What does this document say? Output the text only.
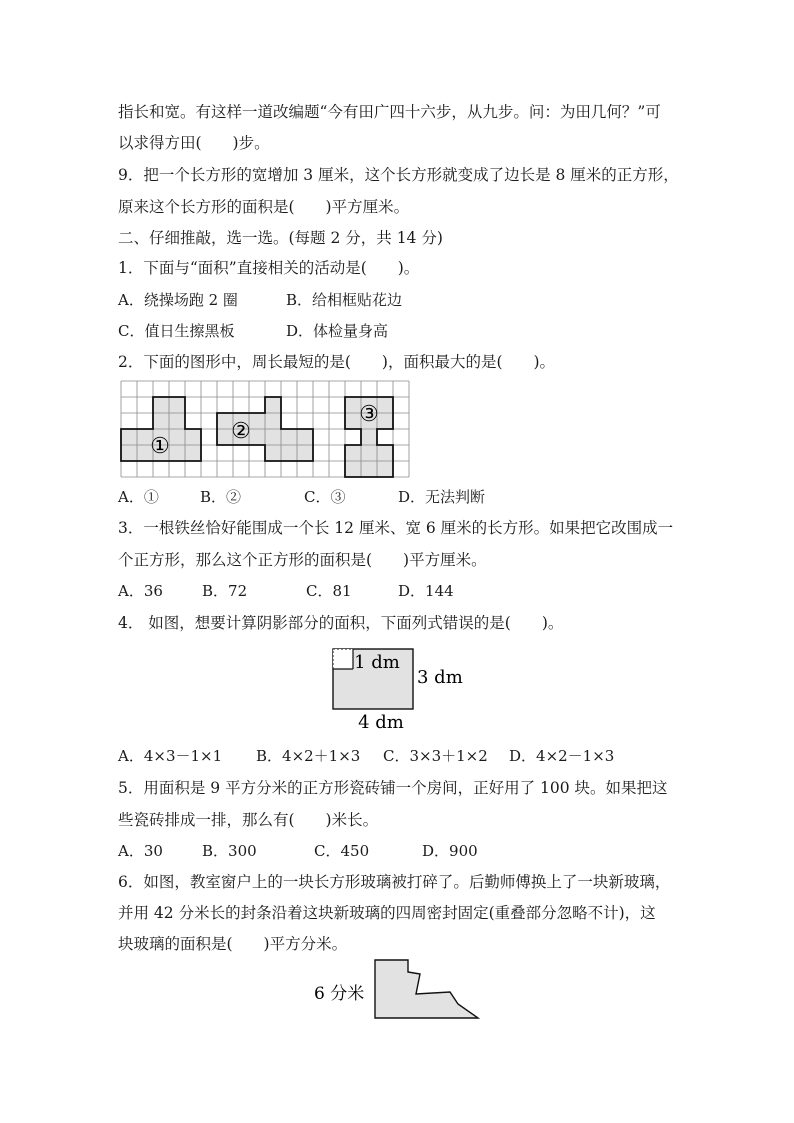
指长和宽。有这样一道改编题“今有田广四十六步，从九步。问：为田几何？”可
以求得方田(　　)步。
9．把一个长方形的宽增加 3 厘米，这个长方形就变成了边长是 8 厘米的正方形，
原来这个长方形的面积是(　　)平方厘米。
二、仔细推敲，选一选。(每题 2 分，共 14 分)
1．下面与“面积”直接相关的活动是(　　)。
A．绕操场跑 2 圈	B．给相框贴花边
C．值日生擦黑板	D．体检量身高
2．下面的图形中，周长最短的是(　　)，面积最大的是(　　)。
①
②
③
A．①	B．②	C．③	D．无法判断
3．一根铁丝恰好能围成一个长 12 厘米、宽 6 厘米的长方形。如果把它改围成一
个正方形，那么这个正方形的面积是(　　)平方厘米。
A．36	B．72	C．81	D．144
4． 如图，想要计算阴影部分的面积，下面列式错误的是(　　)。
1 dm
3 dm
4 dm
A．4×3－1×1 B．4×2＋1×3 C．3×3＋1×2 D．4×2－1×3
5．用面积是 9 平方分米的正方形瓷砖铺一个房间，正好用了 100 块。如果把这
些瓷砖排成一排，那么有(　　)米长。
A．30	B．300	C．450	D．900
6．如图，教室窗户上的一块长方形玻璃被打碎了。后勤师傅换上了一块新玻璃，
并用 42 分米长的封条沿着这块新玻璃的四周密封固定(重叠部分忽略不计)，这
块玻璃的面积是(　　)平方分米。
6 分米
